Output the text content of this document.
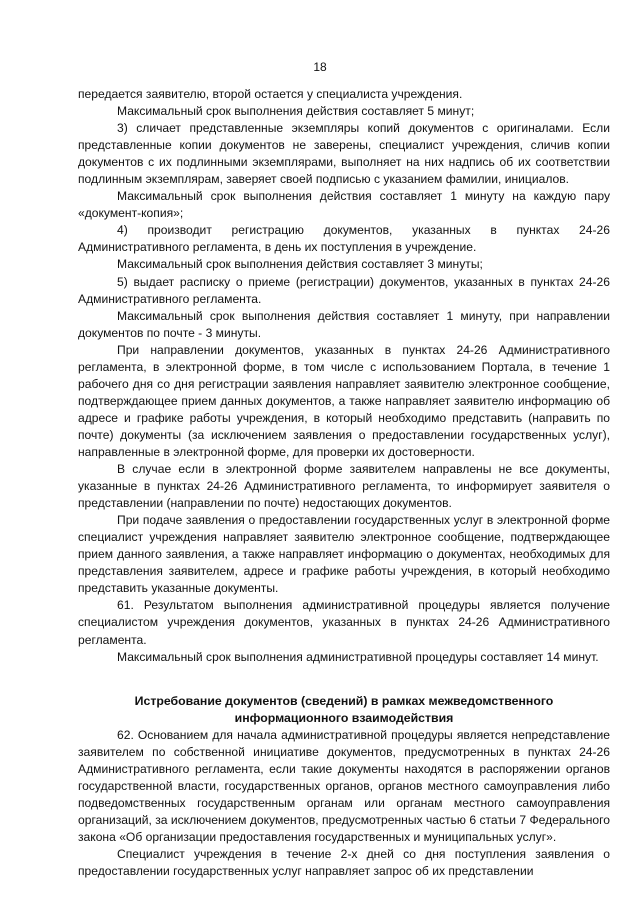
18

передается заявителю, второй остается у специалиста учреждения.

Максимальный срок выполнения действия составляет 5 минут;

3) сличает представленные экземпляры копий документов с оригиналами. Если представленные копии документов не заверены, специалист учреждения, сличив копии документов с их подлинными экземплярами, выполняет на них надпись об их соответствии подлинным экземплярам, заверяет своей подписью с указанием фамилии, инициалов.

Максимальный срок выполнения действия составляет 1 минуту на каждую пару «документ-копия»;

4) производит регистрацию документов, указанных в пунктах 24-26 Административного регламента, в день их поступления в учреждение.

Максимальный срок выполнения действия составляет 3 минуты;

5) выдает расписку о приеме (регистрации) документов, указанных в пунктах 24-26 Административного регламента.

Максимальный срок выполнения действия составляет 1 минуту, при направлении документов по почте - 3 минуты.

При направлении документов, указанных в пунктах 24-26 Административного регламента, в электронной форме, в том числе с использованием Портала, в течение 1 рабочего дня со дня регистрации заявления направляет заявителю электронное сообщение, подтверждающее прием данных документов, а также направляет заявителю информацию об адресе и графике работы учреждения, в который необходимо представить (направить по почте) документы (за исключением заявления о предоставлении государственных услуг), направленные в электронной форме, для проверки их достоверности.

В случае если в электронной форме заявителем направлены не все документы, указанные в пунктах 24-26 Административного регламента, то информирует заявителя о представлении (направлении по почте) недостающих документов.

При подаче заявления о предоставлении государственных услуг в электронной форме специалист учреждения направляет заявителю электронное сообщение, подтверждающее прием данного заявления, а также направляет информацию о документах, необходимых для представления заявителем, адресе и графике работы учреждения, в который необходимо представить указанные документы.

61. Результатом выполнения административной процедуры является получение специалистом учреждения документов, указанных в пунктах 24-26 Административного регламента.

Максимальный срок выполнения административной процедуры составляет 14 минут.

Истребование документов (сведений) в рамках межведомственного информационного взаимодействия

62. Основанием для начала административной процедуры является непредставление заявителем по собственной инициативе документов, предусмотренных в пунктах 24-26 Административного регламента, если такие документы находятся в распоряжении органов государственной власти, государственных органов, органов местного самоуправления либо подведомственных государственным органам или органам местного самоуправления организаций, за исключением документов, предусмотренных частью 6 статьи 7 Федерального закона «Об организации предоставления государственных и муниципальных услуг».

Специалист учреждения в течение 2-х дней со дня поступления заявления о предоставлении государственных услуг направляет запрос об их представлении
